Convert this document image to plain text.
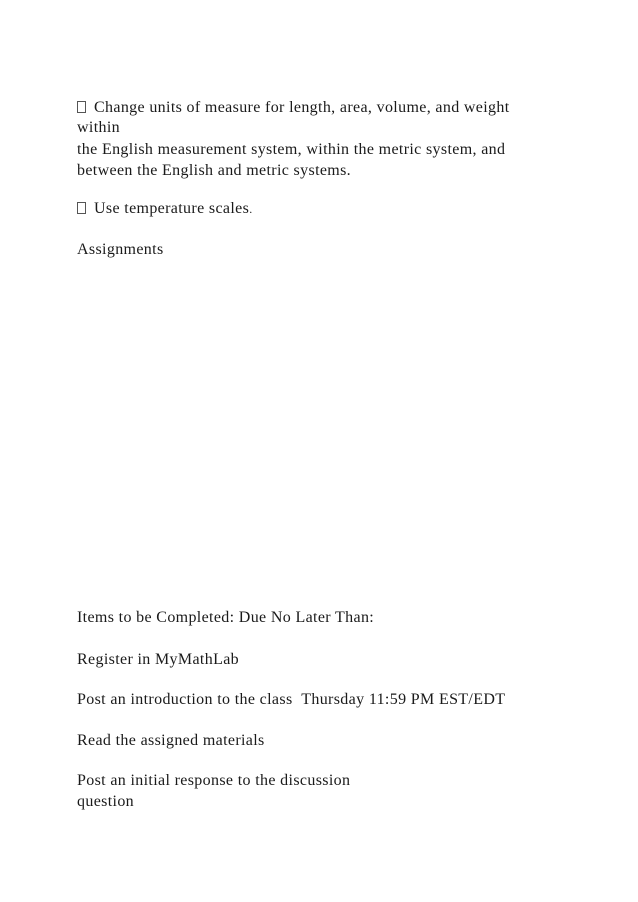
Change units of measure for length, area, volume, and weight
within
the English measurement system, within the metric system, and
between the English and metric systems.
Use temperature scales.
Assignments
Items to be Completed: Due No Later Than:
Register in MyMathLab
Post an introduction to the class Thursday 11:59 PM EST/EDT
Read the assigned materials
Post an initial response to the discussion
question
